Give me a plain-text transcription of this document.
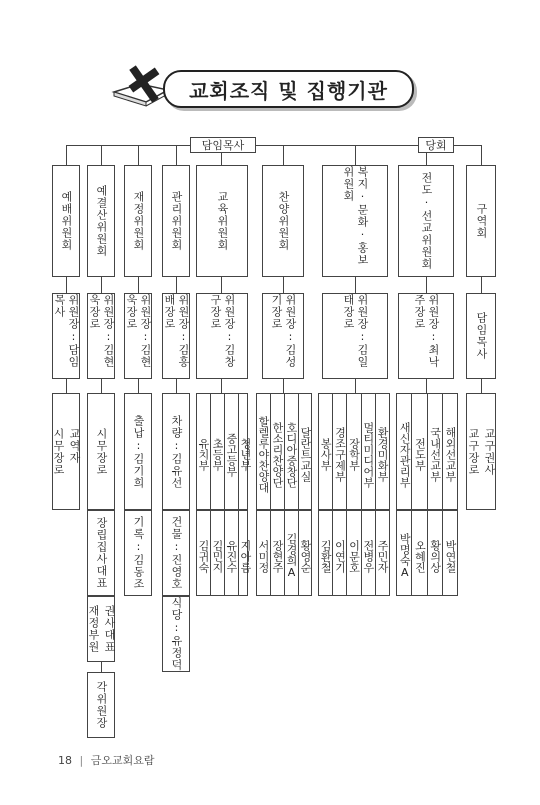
교회조직 및 집행기관
담임목사	당회
예배위원회 예결산위원회 재정위원회 관리위원회	교육위원회	찬양위원회	복지·문화·홍보위원회	전도·선교위원회	구역회
위원장:담임목사	위원장:김현욱장로	위원장:김현욱장로	위원장:김흥배장로	위원장:김창구장로	위원장:김성기장로	위원장:김일태장로	위원장:최낙주장로	담임목사
교역자
시무장로	시무장로 출납:김기희 차량:김유선 유치부 초등부 중고등부 청년부 할렐루야찬양대 한소리찬양단 호디아중창단 달란트교실 봉사부 경조구제부 장학부 멀티미디어부 환경미화부 새신자관리부 전도부 국내선교부 해외선교부 교구권사
교구장로
장립집사대표
권사대표
재정부원
각위원장
기록:김동조 건물:진영호
식당:유정덕
김귀숙 김민지 유진수 지아름 서미정 장현주 김경희A 황영순 김환철 이연기 이문호 전병우 주민자 박명숙A 오혜진 황의상 박연철
18 | 금오교회요람
